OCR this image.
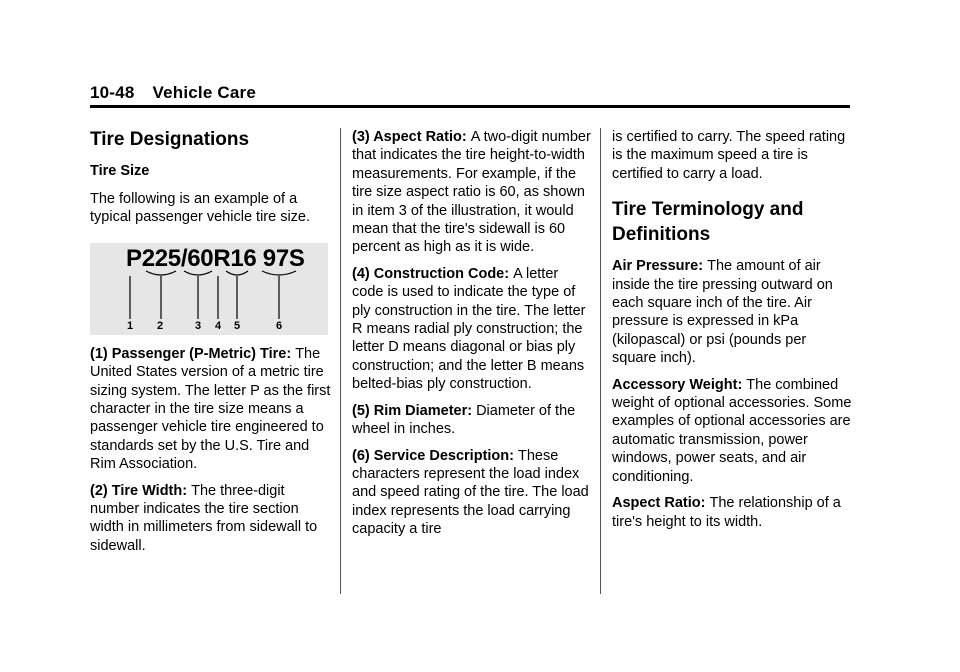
10-48 Vehicle Care
Tire Designations
Tire Size

The following is an example of a typical passenger vehicle tire size.

P225/60R16 97S
1 2	3 4 5	6

(1) Passenger (P-Metric) Tire: The United States version of a metric tire sizing system. The letter P as the first character in the tire size means a passenger vehicle tire engineered to standards set by the U.S. Tire and Rim Association.

(2) Tire Width: The three-digit number indicates the tire section width in millimeters from sidewall to sidewall.

(3) Aspect Ratio: A two-digit number that indicates the tire height-to-width measurements. For example, if the tire size aspect ratio is 60, as shown in item 3 of the illustration, it would mean that the tire's sidewall is 60 percent as high as it is wide.

(4) Construction Code: A letter code is used to indicate the type of ply construction in the tire. The letter R means radial ply construction; the letter D means diagonal or bias ply construction; and the letter B means belted-bias ply construction.

(5) Rim Diameter: Diameter of the wheel in inches.

(6) Service Description: These characters represent the load index and speed rating of the tire. The load index represents the load carrying capacity a tire

is certified to carry. The speed rating is the maximum speed a tire is certified to carry a load.

Tire Terminology and Definitions

Air Pressure: The amount of air inside the tire pressing outward on each square inch of the tire. Air pressure is expressed in kPa (kilopascal) or psi (pounds per square inch).

Accessory Weight: The combined weight of optional accessories. Some examples of optional accessories are automatic transmission, power windows, power seats, and air conditioning.

Aspect Ratio: The relationship of a tire's height to its width.
